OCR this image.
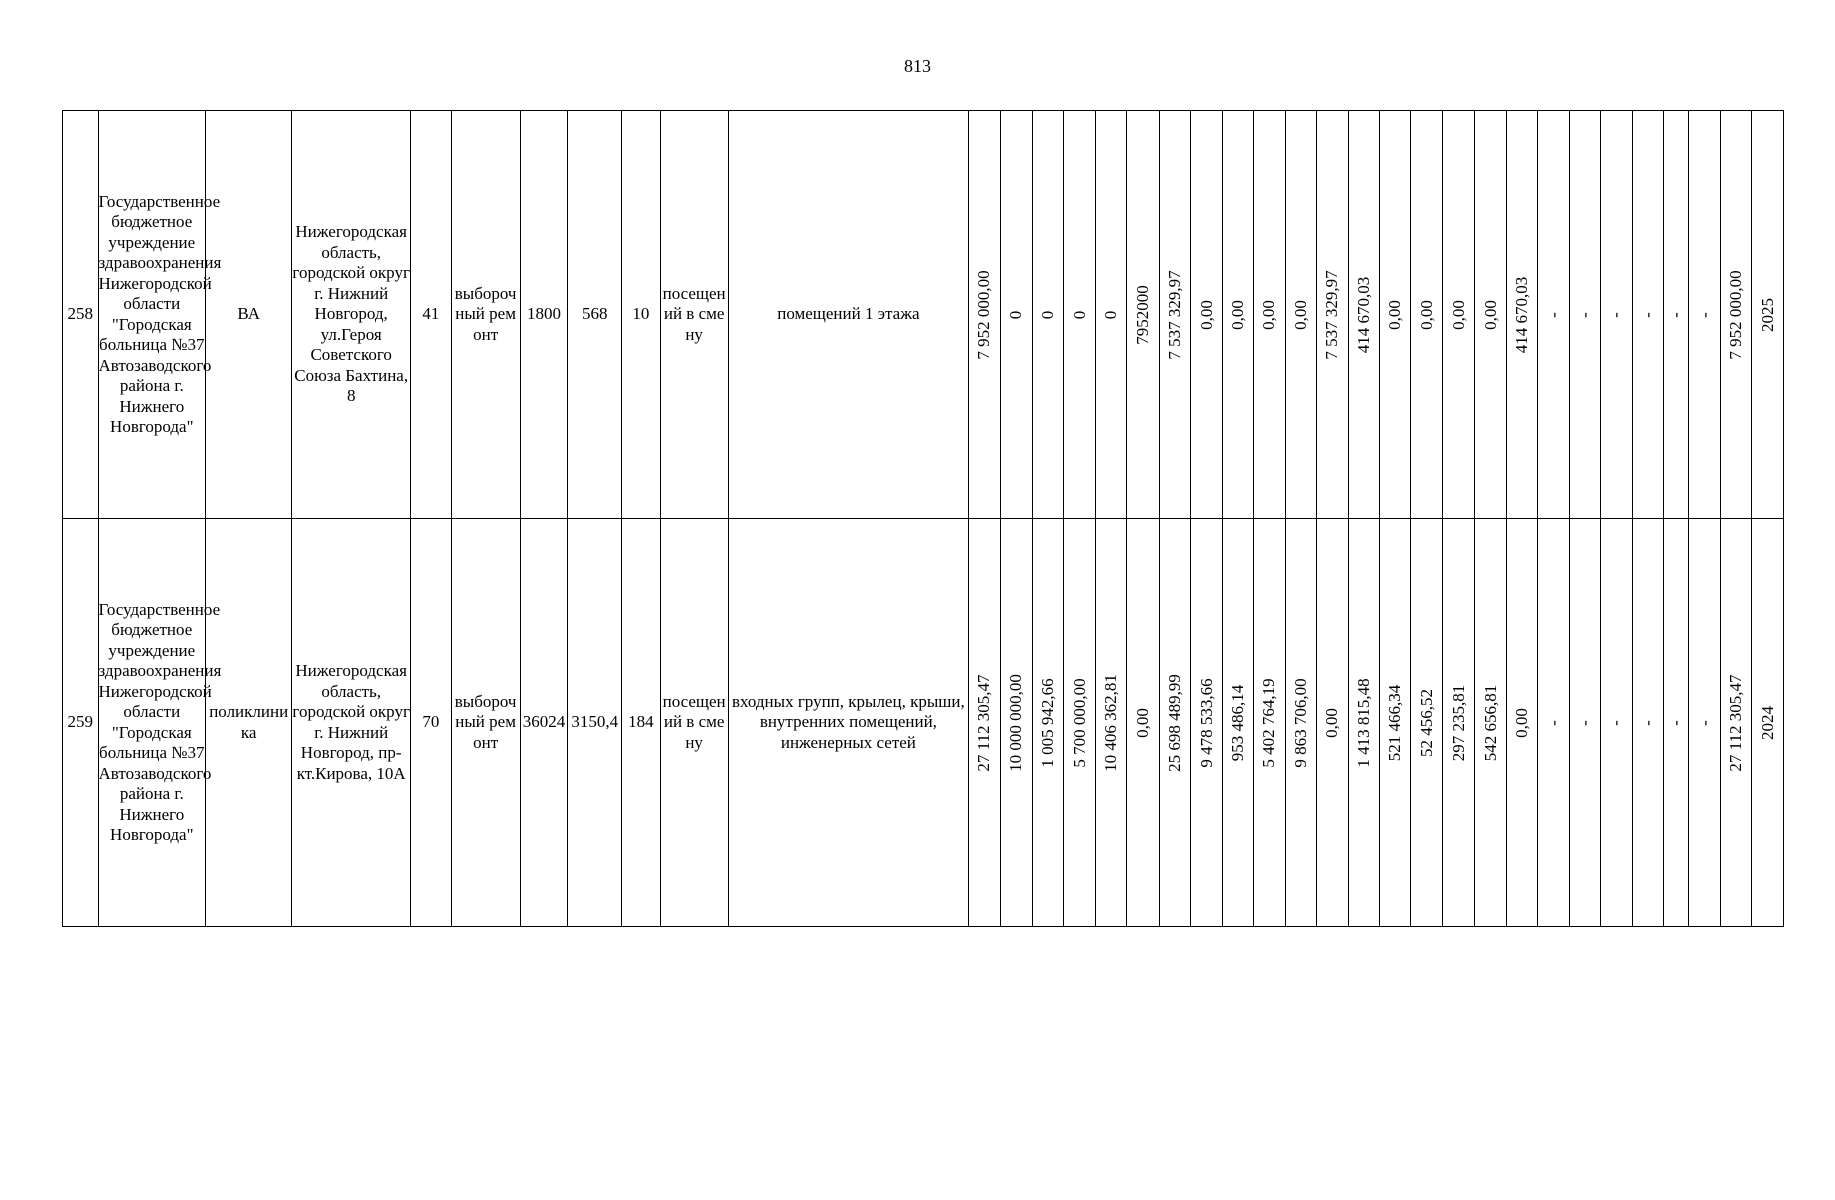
813
258	Государственное бюджетное учреждение здравоохранения Нижегородской области "Городская больница №37 Автозаводского района г. Нижнего Новгорода"	ВА	Нижегородская область, городской округ г. Нижний Новгород, ул.Героя Советского Союза Бахтина, 8	41	выборочный ремонт	1800	568	10	посещений в смену	помещений 1 этажа	7 952 000,00	0	0	0	0	7952000	7 537 329,97	0,00	0,00	0,00	0,00	7 537 329,97	414 670,03	0,00	0,00	0,00	0,00	414 670,03	-	-	-	-	-	-	7 952 000,00	2025

259	Государственное бюджетное учреждение здравоохранения Нижегородской области "Городская больница №37 Автозаводского района г. Нижнего Новгорода"	поликлиника	Нижегородская область, городской округ г. Нижний Новгород, пр-кт.Кирова, 10А	70	выборочный ремонт	36024	3150,4	184	посещений в смену	входных групп, крылец, крыши, внутренних помещений, инженерных сетей	27 112 305,47	10 000 000,00	1 005 942,66	5 700 000,00	10 406 362,81	0,00	25 698 489,99	9 478 533,66	953 486,14	5 402 764,19	9 863 706,00	0,00	1 413 815,48	521 466,34	52 456,52	297 235,81	542 656,81	0,00	-	-	-	-	-	-	27 112 305,47	2024
